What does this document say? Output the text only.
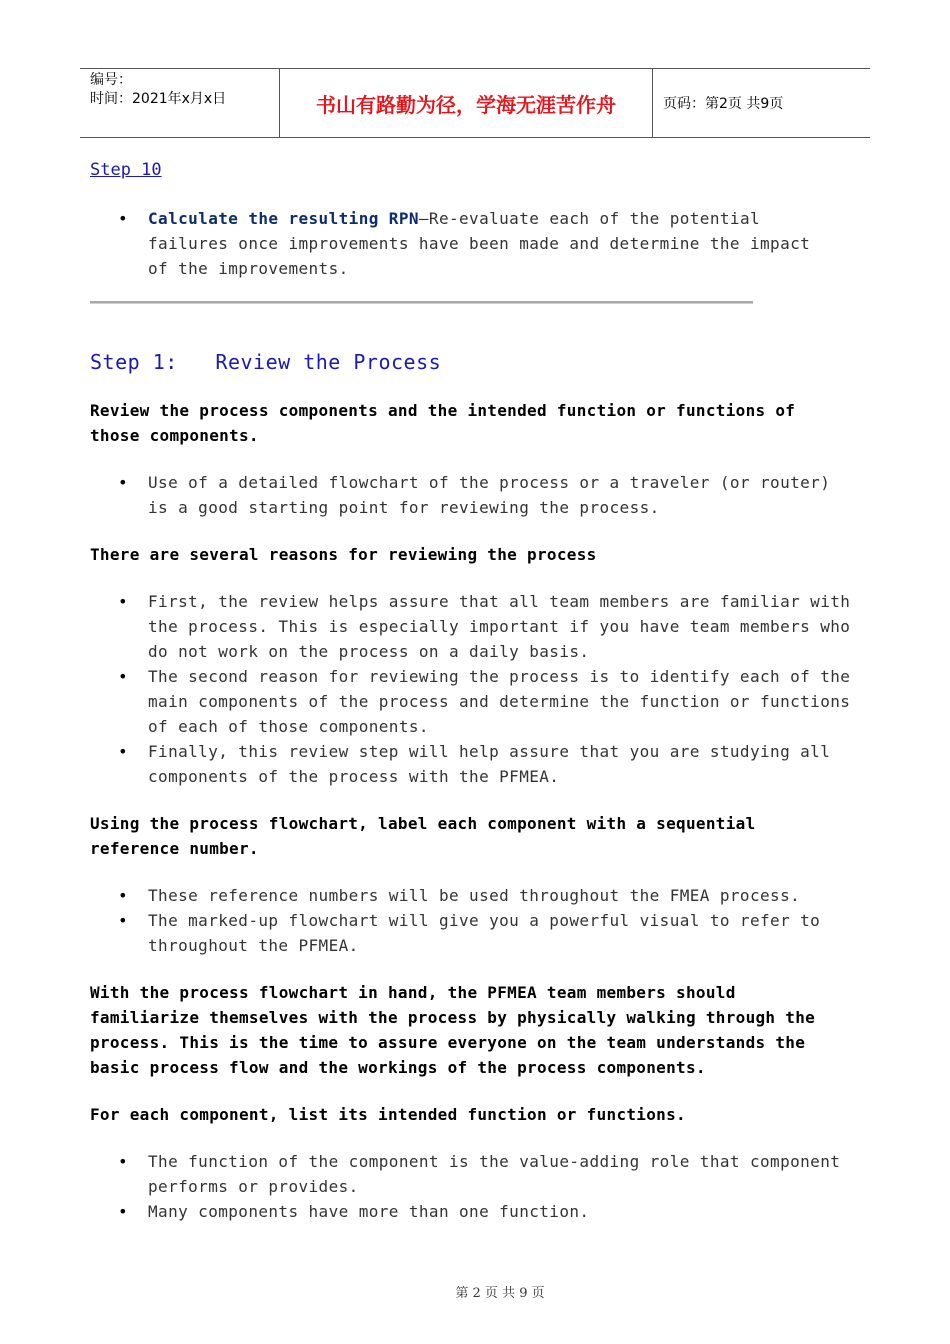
编号：
时间：2021年x月x日	书山有路勤为径，学海无涯苦作舟	页码：第2页 共9页
Step 10
• Calculate the resulting RPN—Re-evaluate each of the potential failures once improvements have been made and determine the impact of the improvements.
Step 1:   Review the Process
Review the process components and the intended function or functions of those components.
• Use of a detailed flowchart of the process or a traveler (or router) is a good starting point for reviewing the process.
There are several reasons for reviewing the process
• First, the review helps assure that all team members are familiar with the process. This is especially important if you have team members who do not work on the process on a daily basis.
• The second reason for reviewing the process is to identify each of the main components of the process and determine the function or functions of each of those components.
• Finally, this review step will help assure that you are studying all components of the process with the PFMEA.
Using the process flowchart, label each component with a sequential reference number.
• These reference numbers will be used throughout the FMEA process.
• The marked-up flowchart will give you a powerful visual to refer to throughout the PFMEA.
With the process flowchart in hand, the PFMEA team members should familiarize themselves with the process by physically walking through the process. This is the time to assure everyone on the team understands the basic process flow and the workings of the process components.
For each component, list its intended function or functions.
• The function of the component is the value-adding role that component performs or provides.
• Many components have more than one function.
第 2 页 共 9 页
